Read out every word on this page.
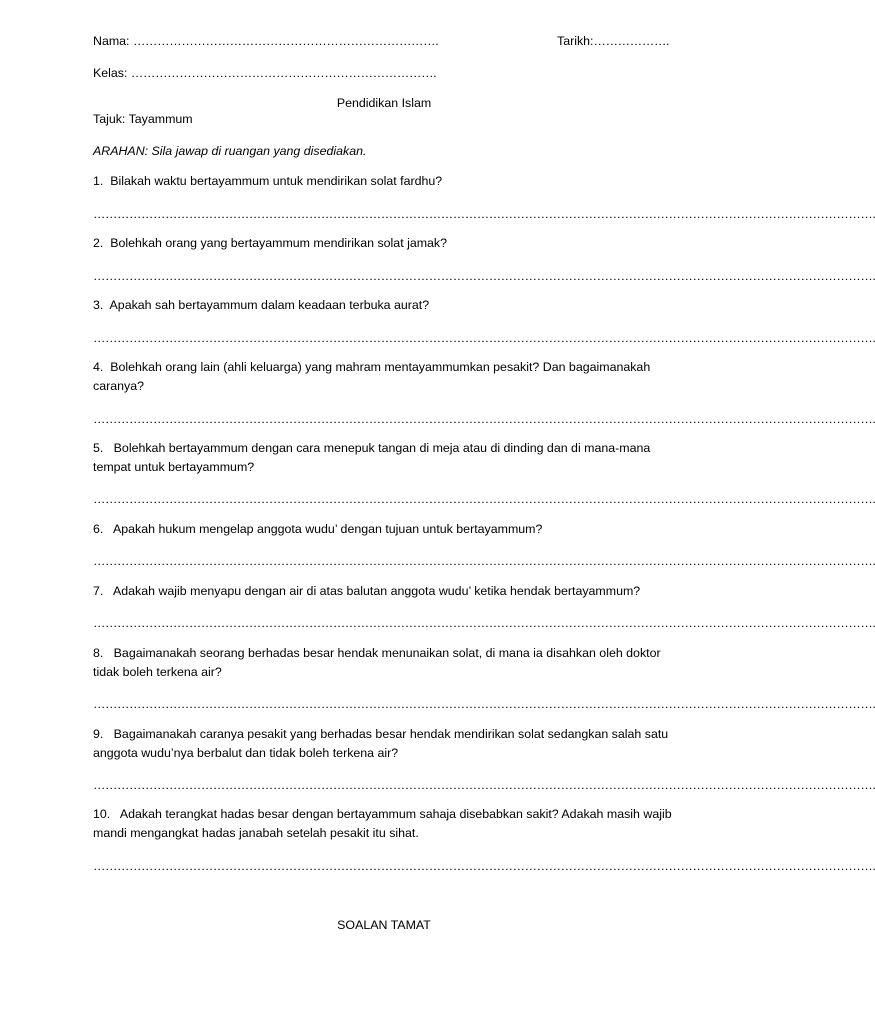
Nama: ………………………………………………………………….	Tarikh:……………….
Kelas: ………………………………………………………………….
Pendidikan Islam
Tajuk: Tayammum
ARAHAN: Sila jawap di ruangan yang disediakan.
1. Bilakah waktu bertayammum untuk mendirikan solat fardhu?
…………………………………………………………………………………………………………………………………………………………………………….
2. Bolehkah orang yang bertayammum mendirikan solat jamak?
…………………………………………………………………………………………………………………………………………………………………………….
3. Apakah sah bertayammum dalam keadaan terbuka aurat?
…………………………………………………………………………………………………………………………………………………………………………….
4. Bolehkah orang lain (ahli keluarga) yang mahram mentayammumkan pesakit? Dan bagaimanakah caranya?
…………………………………………………………………………………………………………………………………………………………………………….
5. Bolehkah bertayammum dengan cara menepuk tangan di meja atau di dinding dan di mana-mana tempat untuk bertayammum?
…………………………………………………………………………………………………………………………………………………………………………….
6. Apakah hukum mengelap anggota wudu’ dengan tujuan untuk bertayammum?
…………………………………………………………………………………………………………………………………………………………………………….
7. Adakah wajib menyapu dengan air di atas balutan anggota wudu’ ketika hendak bertayammum?
…………………………………………………………………………………………………………………………………………………………………………….
8. Bagaimanakah seorang berhadas besar hendak menunaikan solat, di mana ia disahkan oleh doktor tidak boleh terkena air?
…………………………………………………………………………………………………………………………………………………………………………….
9. Bagaimanakah caranya pesakit yang berhadas besar hendak mendirikan solat sedangkan salah satu anggota wudu’nya berbalut dan tidak boleh terkena air?
…………………………………………………………………………………………………………………………………………………………………………….
10. Adakah terangkat hadas besar dengan bertayammum sahaja disebabkan sakit? Adakah masih wajib mandi mengangkat hadas janabah setelah pesakit itu sihat.
…………………………………………………………………………………………………………………………………………………………………………….
SOALAN TAMAT
